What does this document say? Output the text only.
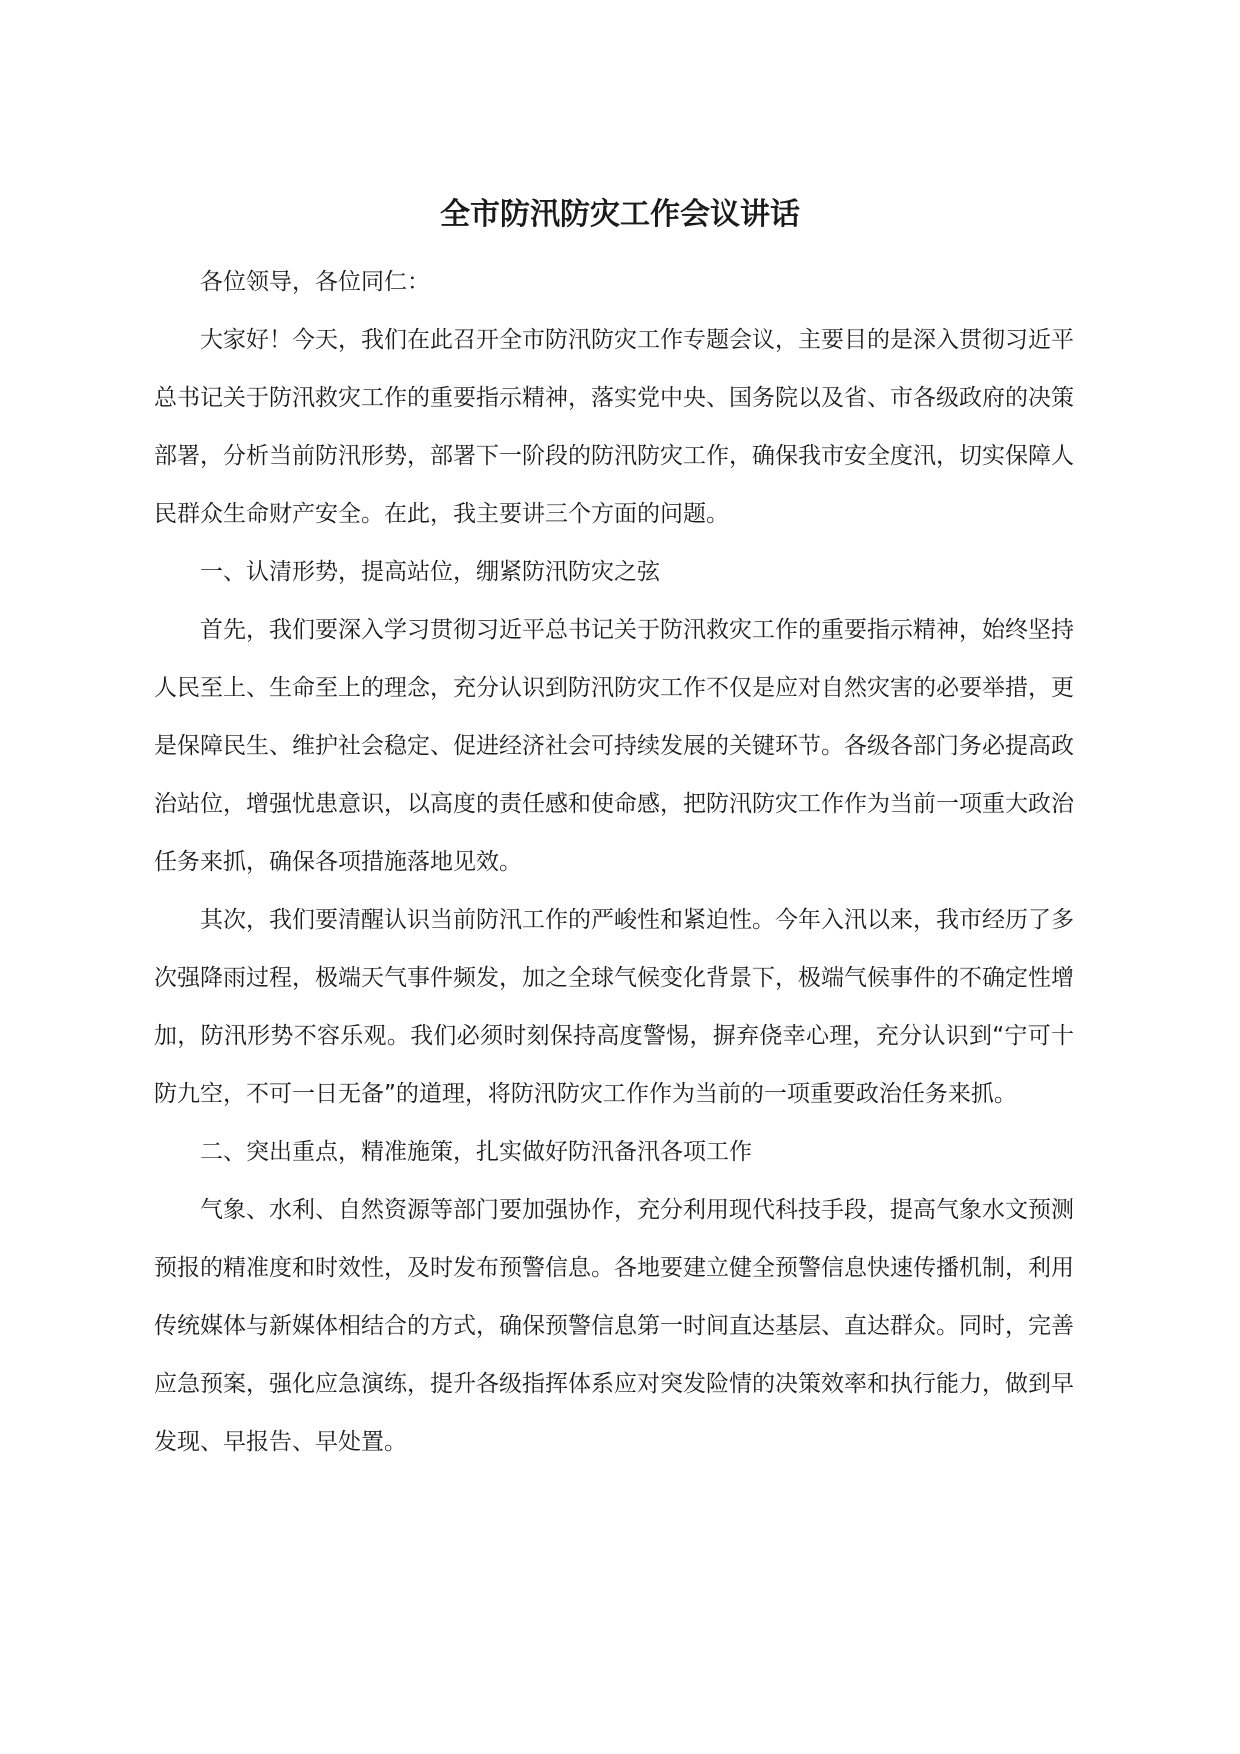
全市防汛防灾工作会议讲话

各位领导，各位同仁：

大家好！今天，我们在此召开全市防汛防灾工作专题会议，主要目的是深入贯彻习近平总书记关于防汛救灾工作的重要指示精神，落实党中央、国务院以及省、市各级政府的决策部署，分析当前防汛形势，部署下一阶段的防汛防灾工作，确保我市安全度汛，切实保障人民群众生命财产安全。在此，我主要讲三个方面的问题。

一、认清形势，提高站位，绷紧防汛防灾之弦

首先，我们要深入学习贯彻习近平总书记关于防汛救灾工作的重要指示精神，始终坚持人民至上、生命至上的理念，充分认识到防汛防灾工作不仅是应对自然灾害的必要举措，更是保障民生、维护社会稳定、促进经济社会可持续发展的关键环节。各级各部门务必提高政治站位，增强忧患意识，以高度的责任感和使命感，把防汛防灾工作作为当前一项重大政治任务来抓，确保各项措施落地见效。

其次，我们要清醒认识当前防汛工作的严峻性和紧迫性。今年入汛以来，我市经历了多次强降雨过程，极端天气事件频发，加之全球气候变化背景下，极端气候事件的不确定性增加，防汛形势不容乐观。我们必须时刻保持高度警惕，摒弃侥幸心理，充分认识到“宁可十防九空，不可一日无备”的道理，将防汛防灾工作作为当前的一项重要政治任务来抓。

二、突出重点，精准施策，扎实做好防汛备汛各项工作

气象、水利、自然资源等部门要加强协作，充分利用现代科技手段，提高气象水文预测预报的精准度和时效性，及时发布预警信息。各地要建立健全预警信息快速传播机制，利用传统媒体与新媒体相结合的方式，确保预警信息第一时间直达基层、直达群众。同时，完善应急预案，强化应急演练，提升各级指挥体系应对突发险情的决策效率和执行能力，做到早发现、早报告、早处置。
